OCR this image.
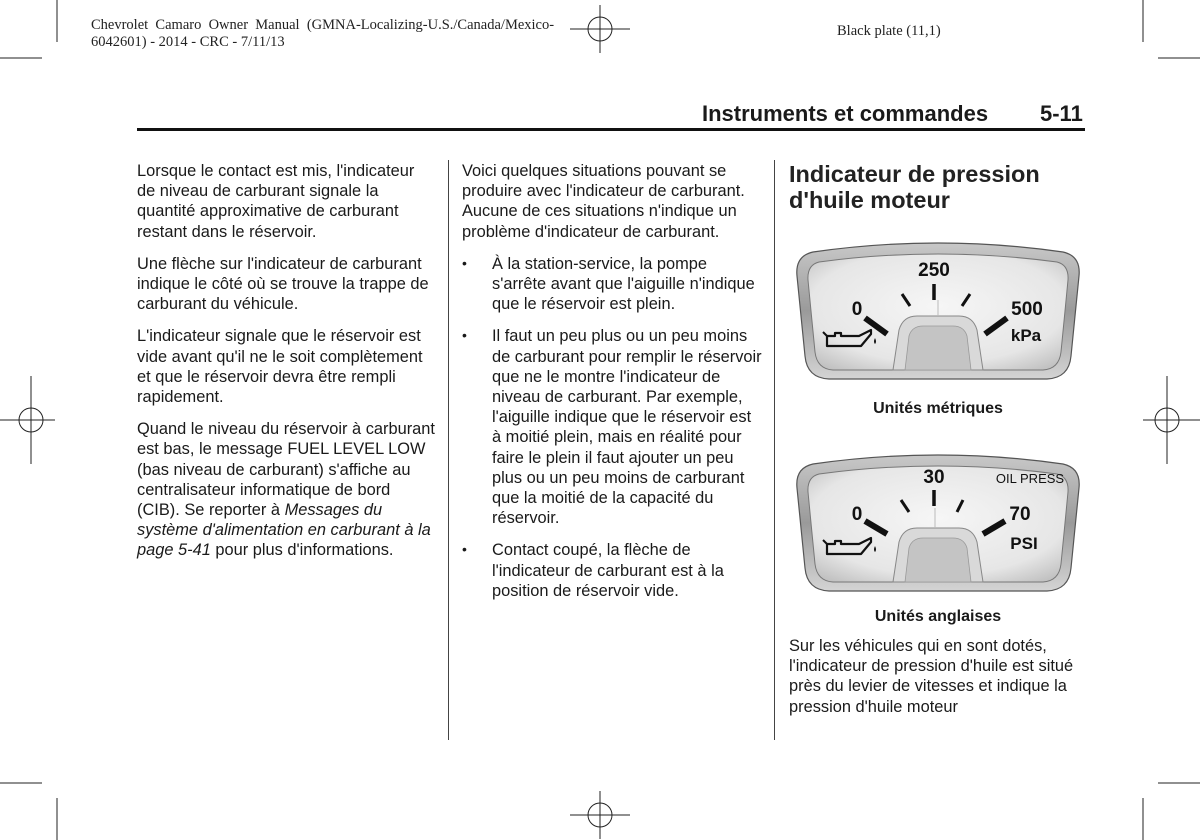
Chevrolet  Camaro  Owner  Manual  (GMNA-Localizing-U.S./Canada/Mexico-
6042601) - 2014 - CRC - 7/11/13
Black plate (11,1)
Instruments et commandes 5-11

Lorsque le contact est mis, l'indicateur de niveau de carburant signale la quantité approximative de carburant restant dans le réservoir.

Une flèche sur l'indicateur de carburant indique le côté où se trouve la trappe de carburant du véhicule.

L'indicateur signale que le réservoir est vide avant qu'il ne le soit complètement et que le réservoir devra être rempli rapidement.

Quand le niveau du réservoir à carburant est bas, le message FUEL LEVEL LOW (bas niveau de carburant) s'affiche au centralisateur informatique de bord (CIB). Se reporter à Messages du système d'alimentation en carburant à la page 5-41 pour plus d'informations.

Voici quelques situations pouvant se produire avec l'indicateur de carburant. Aucune de ces situations n'indique un problème d'indicateur de carburant.

• À la station-service, la pompe s'arrête avant que l'aiguille n'indique que le réservoir est plein.
• Il faut un peu plus ou un peu moins de carburant pour remplir le réservoir que ne le montre l'indicateur de niveau de carburant. Par exemple, l'aiguille indique que le réservoir est à moitié plein, mais en réalité pour faire le plein il faut ajouter un peu plus ou un peu moins de carburant que la moitié de la capacité du réservoir.
• Contact coupé, la flèche de l'indicateur de carburant est à la position de réservoir vide.
Indicateur de pression d'huile moteur
0
250
500
kPa
Unités métriques
0
30	OIL PRESS
70
PSI
Unités anglaises

Sur les véhicules qui en sont dotés, l'indicateur de pression d'huile est situé près du levier de vitesses et indique la pression d'huile moteur
